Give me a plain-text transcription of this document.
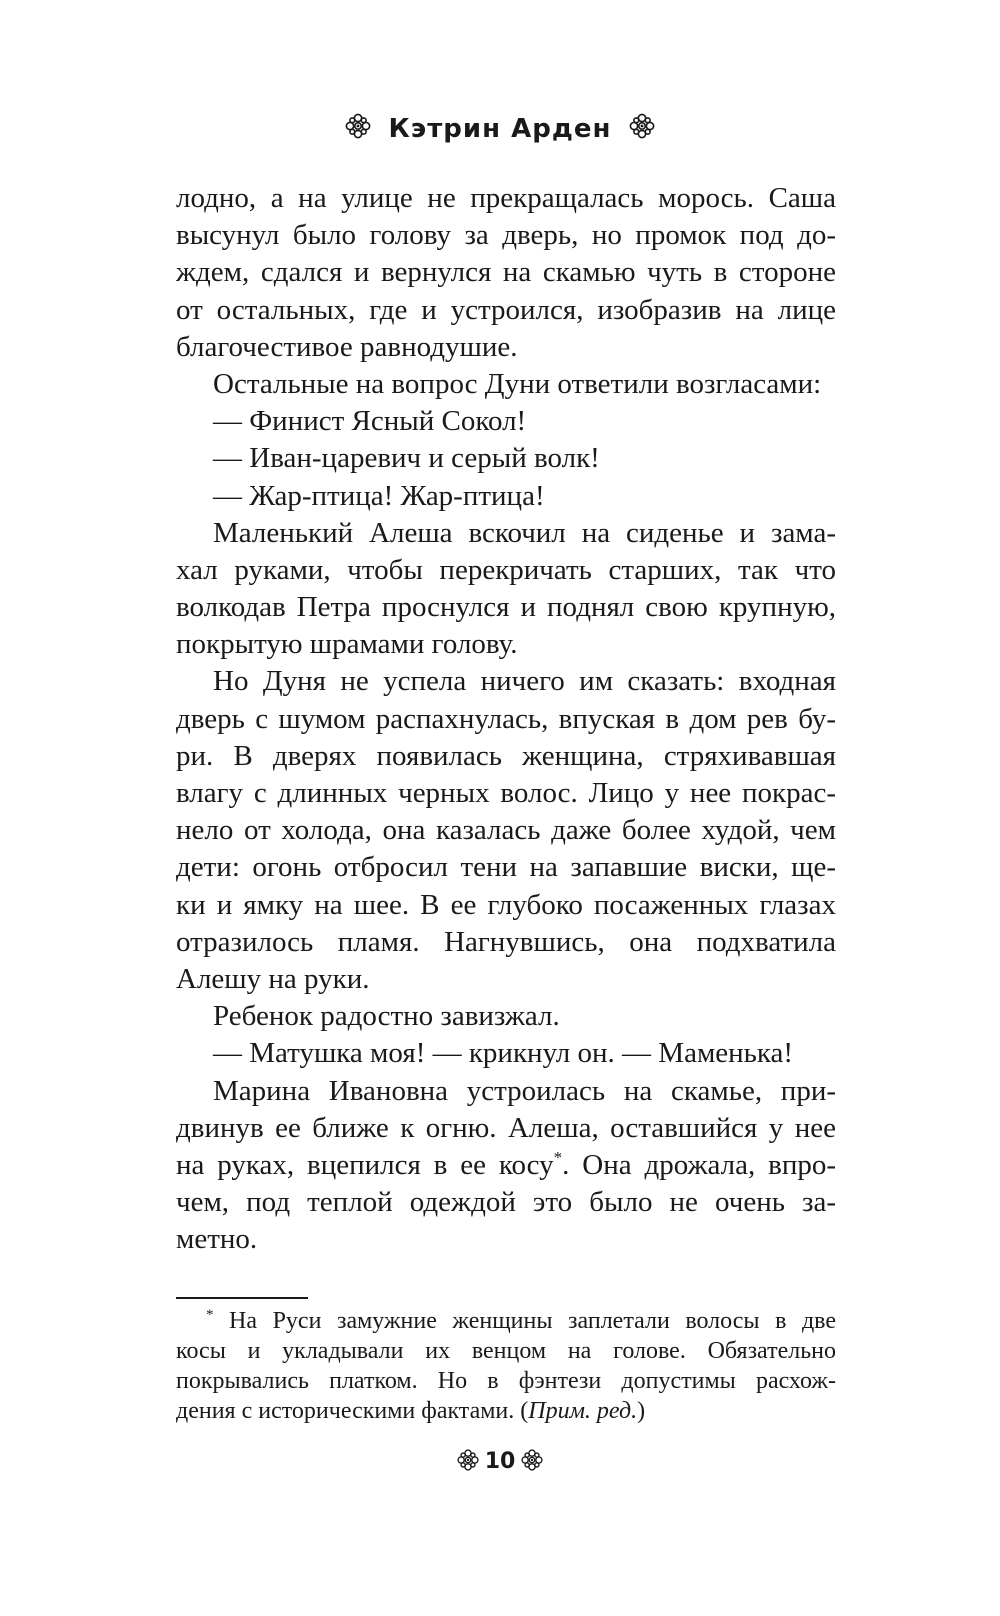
Кэтрин Арден
лодно, а на улице не прекращалась морось. Саша
высунул было голову за дверь, но промок под до-
ждем, сдался и вернулся на скамью чуть в стороне
от остальных, где и устроился, изобразив на лице
благочестивое равнодушие.
Остальные на вопрос Дуни ответили возгласами:
— Финист Ясный Сокол!
— Иван-царевич и серый волк!
— Жар-птица! Жар-птица!
Маленький Алеша вскочил на сиденье и зама-
хал руками, чтобы перекричать старших, так что
волкодав Петра проснулся и поднял свою крупную,
покрытую шрамами голову.
Но Дуня не успела ничего им сказать: входная
дверь с шумом распахнулась, впуская в дом рев бу-
ри. В дверях появилась женщина, стряхивавшая
влагу с длинных черных волос. Лицо у нее покрас-
нело от холода, она казалась даже более худой, чем
дети: огонь отбросил тени на запавшие виски, ще-
ки и ямку на шее. В ее глубоко посаженных глазах
отразилось пламя. Нагнувшись, она подхватила
Алешу на руки.
Ребенок радостно завизжал.
— Матушка моя! — крикнул он. — Маменька!
Марина Ивановна устроилась на скамье, при-
двинув ее ближе к огню. Алеша, оставшийся у нее
на руках, вцепился в ее косу*. Она дрожала, впро-
чем, под теплой одеждой это было не очень за-
метно.
* На Руси замужние женщины заплетали волосы в две
косы и укладывали их венцом на голове. Обязательно
покрывались платком. Но в фэнтези допустимы расхож-
дения с историческими фактами. (Прим. ред.)
10
